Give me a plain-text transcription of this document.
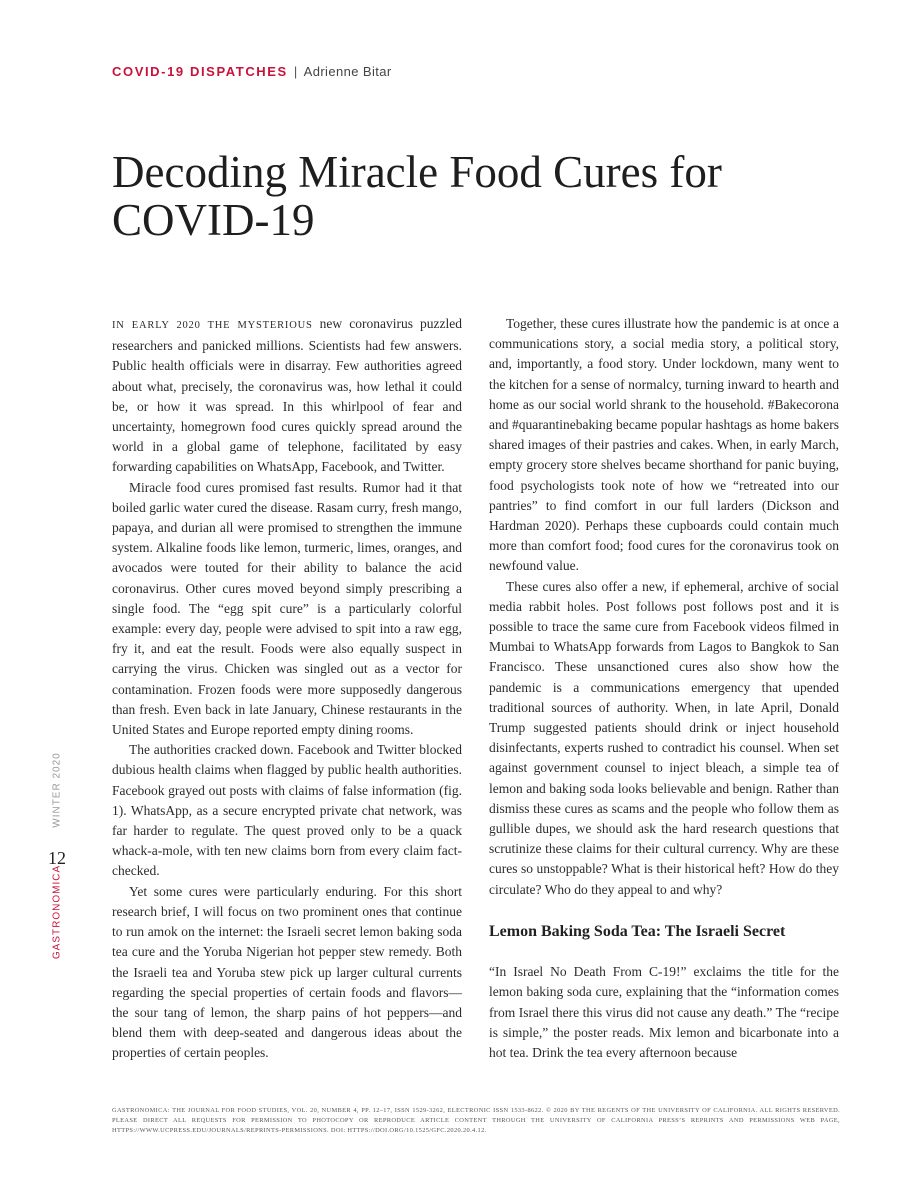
COVID-19 DISPATCHES | Adrienne Bitar
Decoding Miracle Food Cures for COVID-19
WINTER 2020
12
GASTRONOMICA

IN EARLY 2020 THE MYSTERIOUS new coronavirus puzzled researchers and panicked millions. Scientists had few answers. Public health officials were in disarray. Few authorities agreed about what, precisely, the coronavirus was, how lethal it could be, or how it was spread. In this whirlpool of fear and uncertainty, homegrown food cures quickly spread around the world in a global game of telephone, facilitated by easy forwarding capabilities on WhatsApp, Facebook, and Twitter.

Miracle food cures promised fast results. Rumor had it that boiled garlic water cured the disease. Rasam curry, fresh mango, papaya, and durian all were promised to strengthen the immune system. Alkaline foods like lemon, turmeric, limes, oranges, and avocados were touted for their ability to balance the acid coronavirus. Other cures moved beyond simply prescribing a single food. The “egg spit cure” is a particularly colorful example: every day, people were advised to spit into a raw egg, fry it, and eat the result. Foods were also equally suspect in carrying the virus. Chicken was singled out as a vector for contamination. Frozen foods were more supposedly dangerous than fresh. Even back in late January, Chinese restaurants in the United States and Europe reported empty dining rooms.

The authorities cracked down. Facebook and Twitter blocked dubious health claims when flagged by public health authorities. Facebook grayed out posts with claims of false information (fig. 1). WhatsApp, as a secure encrypted private chat network, was far harder to regulate. The quest proved only to be a quack whack-a-mole, with ten new claims born from every claim fact-checked.

Yet some cures were particularly enduring. For this short research brief, I will focus on two prominent ones that continue to run amok on the internet: the Israeli secret lemon baking soda tea cure and the Yoruba Nigerian hot pepper stew remedy. Both the Israeli tea and Yoruba stew pick up larger cultural currents regarding the special properties of certain foods and flavors—the sour tang of lemon, the sharp pains of hot peppers—and blend them with deep-seated and dangerous ideas about the properties of certain peoples.

Together, these cures illustrate how the pandemic is at once a communications story, a social media story, a political story, and, importantly, a food story. Under lockdown, many went to the kitchen for a sense of normalcy, turning inward to hearth and home as our social world shrank to the household. #Bakecorona and #quarantinebaking became popular hashtags as home bakers shared images of their pastries and cakes. When, in early March, empty grocery store shelves became shorthand for panic buying, food psychologists took note of how we “retreated into our pantries” to find comfort in our full larders (Dickson and Hardman 2020). Perhaps these cupboards could contain much more than comfort food; food cures for the coronavirus took on newfound value.

These cures also offer a new, if ephemeral, archive of social media rabbit holes. Post follows post follows post and it is possible to trace the same cure from Facebook videos filmed in Mumbai to WhatsApp forwards from Lagos to Bangkok to San Francisco. These unsanctioned cures also show how the pandemic is a communications emergency that upended traditional sources of authority. When, in late April, Donald Trump suggested patients should drink or inject household disinfectants, experts rushed to contradict his counsel. When set against government counsel to inject bleach, a simple tea of lemon and baking soda looks believable and benign. Rather than dismiss these cures as scams and the people who follow them as gullible dupes, we should ask the hard research questions that scrutinize these claims for their cultural currency. Why are these cures so unstoppable? What is their historical heft? How do they circulate? Who do they appeal to and why?

Lemon Baking Soda Tea: The Israeli Secret

“In Israel No Death From C-19!” exclaims the title for the lemon baking soda cure, explaining that the “information comes from Israel there this virus did not cause any death.” The “recipe is simple,” the poster reads. Mix lemon and bicarbonate into a hot tea. Drink the tea every afternoon because

GASTRONOMICA: THE JOURNAL FOR FOOD STUDIES, VOL. 20, NUMBER 4, PP. 12–17, ISSN 1529-3262, ELECTRONIC ISSN 1533-8622. © 2020 BY THE REGENTS OF THE UNIVERSITY OF CALIFORNIA. ALL RIGHTS RESERVED. PLEASE DIRECT ALL REQUESTS FOR PERMISSION TO PHOTOCOPY OR REPRODUCE ARTICLE CONTENT THROUGH THE UNIVERSITY OF CALIFORNIA PRESS’S REPRINTS AND PERMISSIONS WEB PAGE, HTTPS://WWW.UCPRESS.EDU/JOURNALS/REPRINTS-PERMISSIONS. DOI: HTTPS://DOI.ORG/10.1525/GFC.2020.20.4.12.
